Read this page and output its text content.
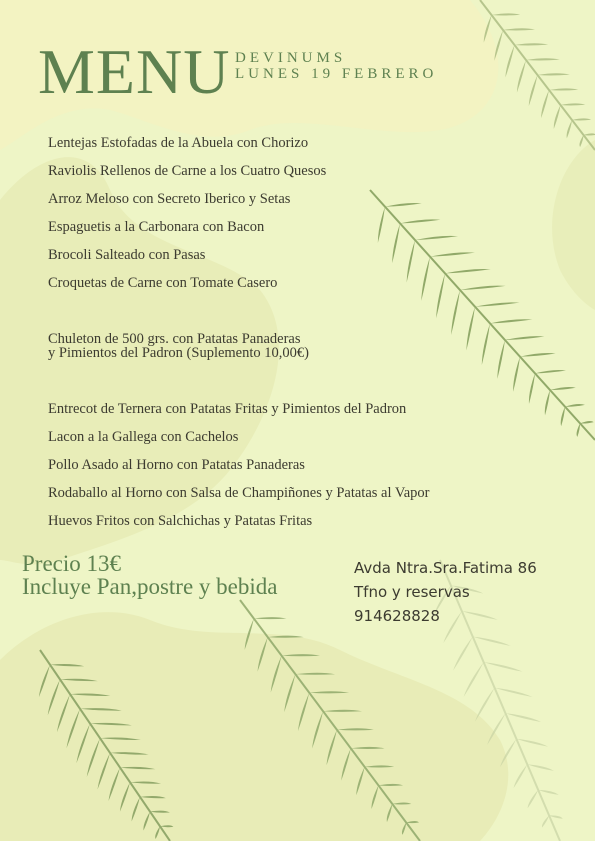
MENU DEVINUMS
LUNES 19 FEBRERO
Lentejas Estofadas de la Abuela con Chorizo
Raviolis Rellenos de Carne a los Cuatro Quesos
Arroz Meloso con Secreto Iberico y Setas
Espaguetis a la Carbonara con Bacon
Brocoli Salteado con Pasas
Croquetas de Carne con Tomate Casero
Chuleton de 500 grs. con Patatas Panaderas
y Pimientos del Padron (Suplemento 10,00€)
Entrecot de Ternera con Patatas Fritas y Pimientos del Padron
Lacon a la Gallega con Cachelos
Pollo Asado al Horno con Patatas Panaderas
Rodaballo al Horno con Salsa de Champiñones y Patatas al Vapor
Huevos Fritos con Salchichas y Patatas Fritas
Precio 13€
Incluye Pan,postre y bebida
Avda Ntra.Sra.Fatima 86
Tfno y reservas
914628828
